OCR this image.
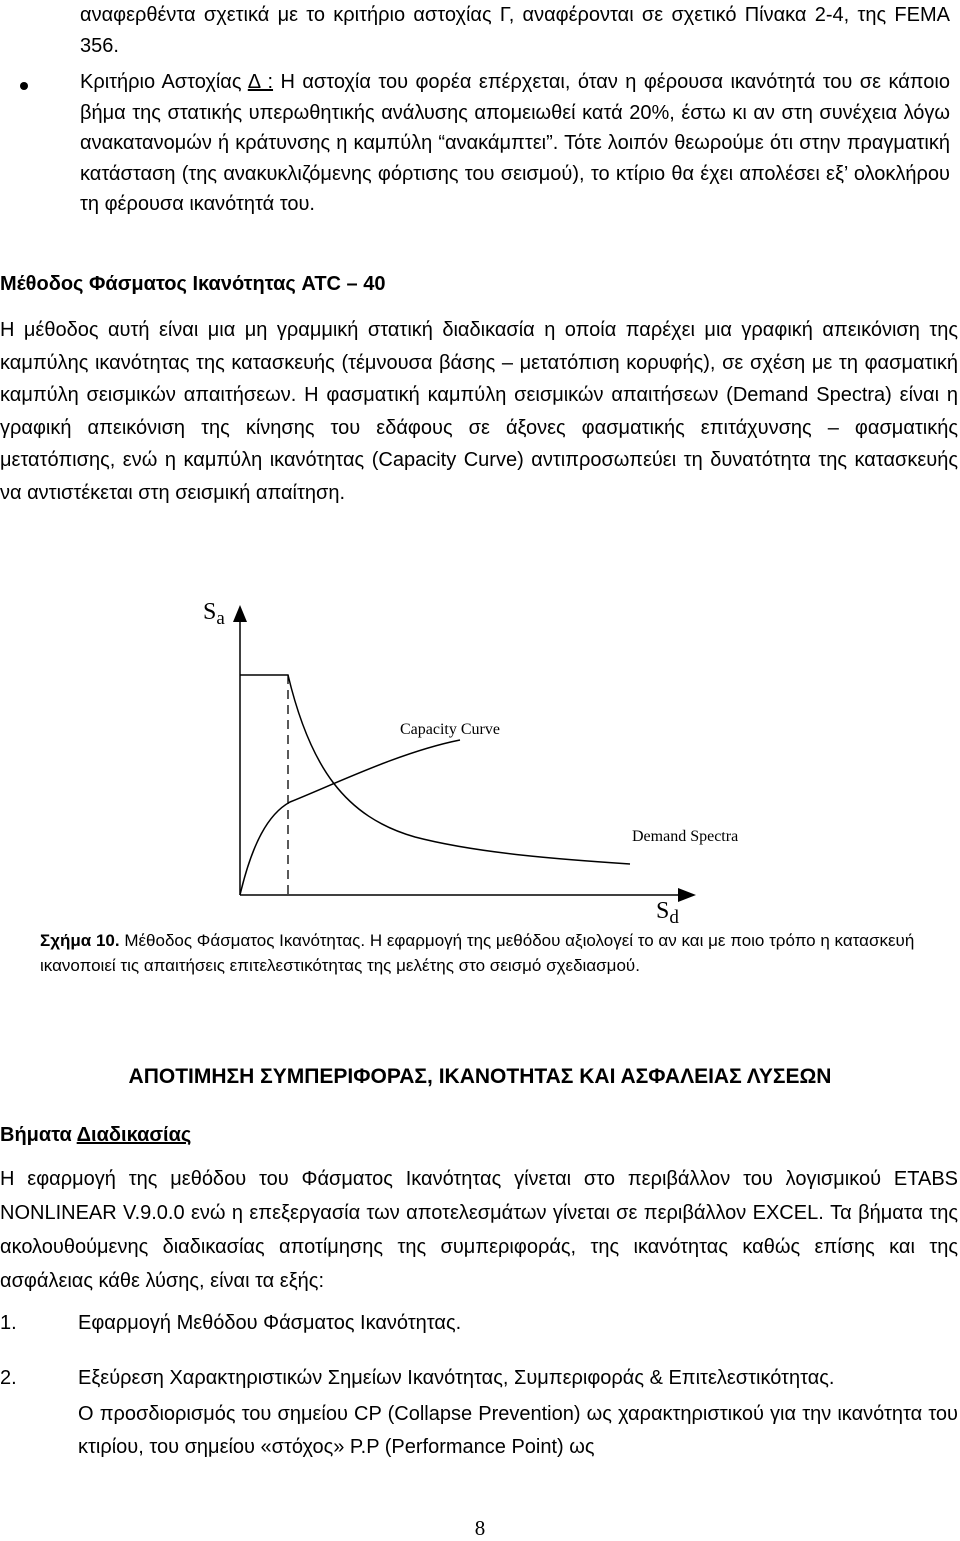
αναφερθέντα σχετικά με το κριτήριο αστοχίας Γ, αναφέρονται σε σχετικό Πίνακα 2-4, της FEMA 356.

Κριτήριο Αστοχίας Δ : Η αστοχία του φορέα επέρχεται, όταν η φέρουσα ικανότητά του σε κάποιο βήμα της στατικής υπερωθητικής ανάλυσης απομειωθεί κατά 20%, έστω κι αν στη συνέχεια λόγω ανακατανομών ή κράτυνσης η καμπύλη “ανακάμπτει”. Τότε λοιπόν θεωρούμε ότι στην πραγματική κατάσταση (της ανακυκλιζόμενης φόρτισης του σεισμού), το κτίριο θα έχει απολέσει εξ’ ολοκλήρου τη φέρουσα ικανότητά του.

Μέθοδος Φάσματος Ικανότητας ATC – 40

Η μέθοδος αυτή είναι μια μη γραμμική στατική διαδικασία η οποία παρέχει μια γραφική απεικόνιση της καμπύλης ικανότητας της κατασκευής (τέμνουσα βάσης – μετατόπιση κορυφής), σε σχέση με τη φασματική καμπύλη σεισμικών απαιτήσεων. Η φασματική καμπύλη σεισμικών απαιτήσεων (Demand Spectra) είναι η γραφική απεικόνιση της κίνησης του εδάφους σε άξονες φασματικής επιτάχυνσης – φασματικής μετατόπισης, ενώ η καμπύλη ικανότητας (Capacity Curve) αντιπροσωπεύει τη δυνατότητα της κατασκευής να αντιστέκεται στη σεισμική απαίτηση.

$S_a$
$S_d$
Capacity Curve
Demand Spectra

Σχήμα 10. Μέθοδος Φάσματος Ικανότητας. Η εφαρμογή της μεθόδου αξιολογεί το αν και με ποιο τρόπο η κατασκευή ικανοποιεί τις απαιτήσεις επιτελεστικότητας της μελέτης στο σεισμό σχεδιασμού.

ΑΠΟΤΙΜΗΣΗ ΣΥΜΠΕΡΙΦΟΡΑΣ, ΙΚΑΝΟΤΗΤΑΣ ΚΑΙ ΑΣΦΑΛΕΙΑΣ ΛΥΣΕΩΝ

Βήματα Διαδικασίας

Η εφαρμογή της μεθόδου του Φάσματος Ικανότητας γίνεται στο περιβάλλον του λογισμικού ETABS NONLINEAR V.9.0.0 ενώ η επεξεργασία των αποτελεσμάτων γίνεται σε περιβάλλον EXCEL. Τα βήματα της ακολουθούμενης διαδικασίας αποτίμησης της συμπεριφοράς, της ικανότητας καθώς επίσης και της ασφάλειας κάθε λύσης, είναι τα εξής:

1.	Εφαρμογή Μεθόδου Φάσματος Ικανότητας.
2.	Εξεύρεση Χαρακτηριστικών Σημείων Ικανότητας, Συμπεριφοράς & Επιτελεστικότητας.

Ο προσδιορισμός του σημείου CP (Collapse Prevention) ως χαρακτηριστικού για την ικανότητα του κτιρίου, του σημείου «στόχος» P.P (Performance Point) ως

8
